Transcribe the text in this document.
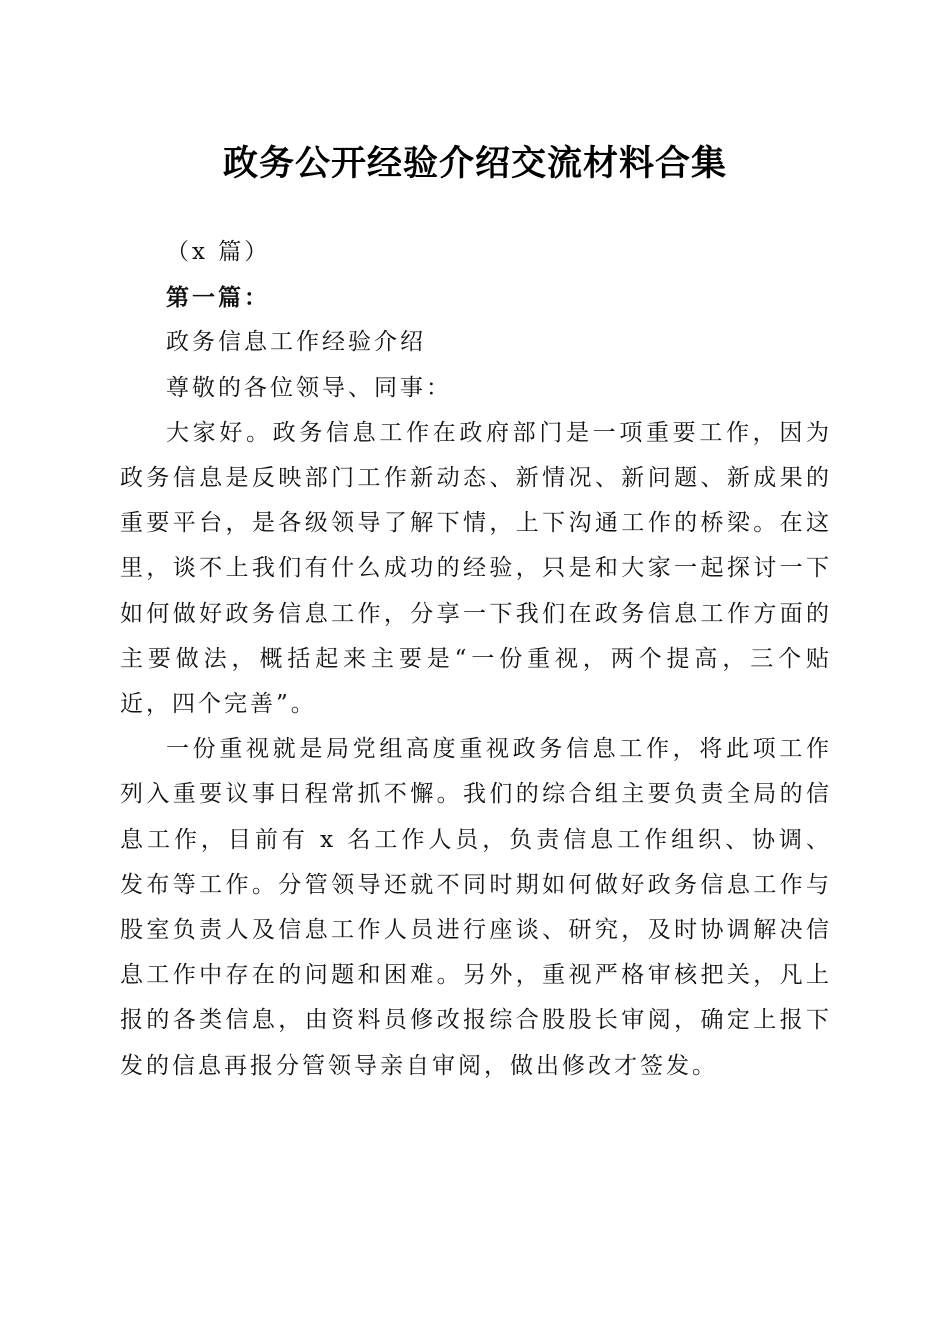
政务公开经验介绍交流材料合集

（x 篇）

第一篇：

政务信息工作经验介绍

尊敬的各位领导、同事：

大家好。政务信息工作在政府部门是一项重要工作，因为政务信息是反映部门工作新动态、新情况、新问题、新成果的重要平台，是各级领导了解下情，上下沟通工作的桥梁。在这里，谈不上我们有什么成功的经验，只是和大家一起探讨一下如何做好政务信息工作，分享一下我们在政务信息工作方面的主要做法，概括起来主要是“一份重视，两个提高，三个贴近，四个完善”。

一份重视就是局党组高度重视政务信息工作，将此项工作列入重要议事日程常抓不懈。我们的综合组主要负责全局的信息工作，目前有 x 名工作人员，负责信息工作组织、协调、发布等工作。分管领导还就不同时期如何做好政务信息工作与股室负责人及信息工作人员进行座谈、研究，及时协调解决信息工作中存在的问题和困难。另外，重视严格审核把关，凡上报的各类信息，由资料员修改报综合股股长审阅，确定上报下发的信息再报分管领导亲自审阅，做出修改才签发。
